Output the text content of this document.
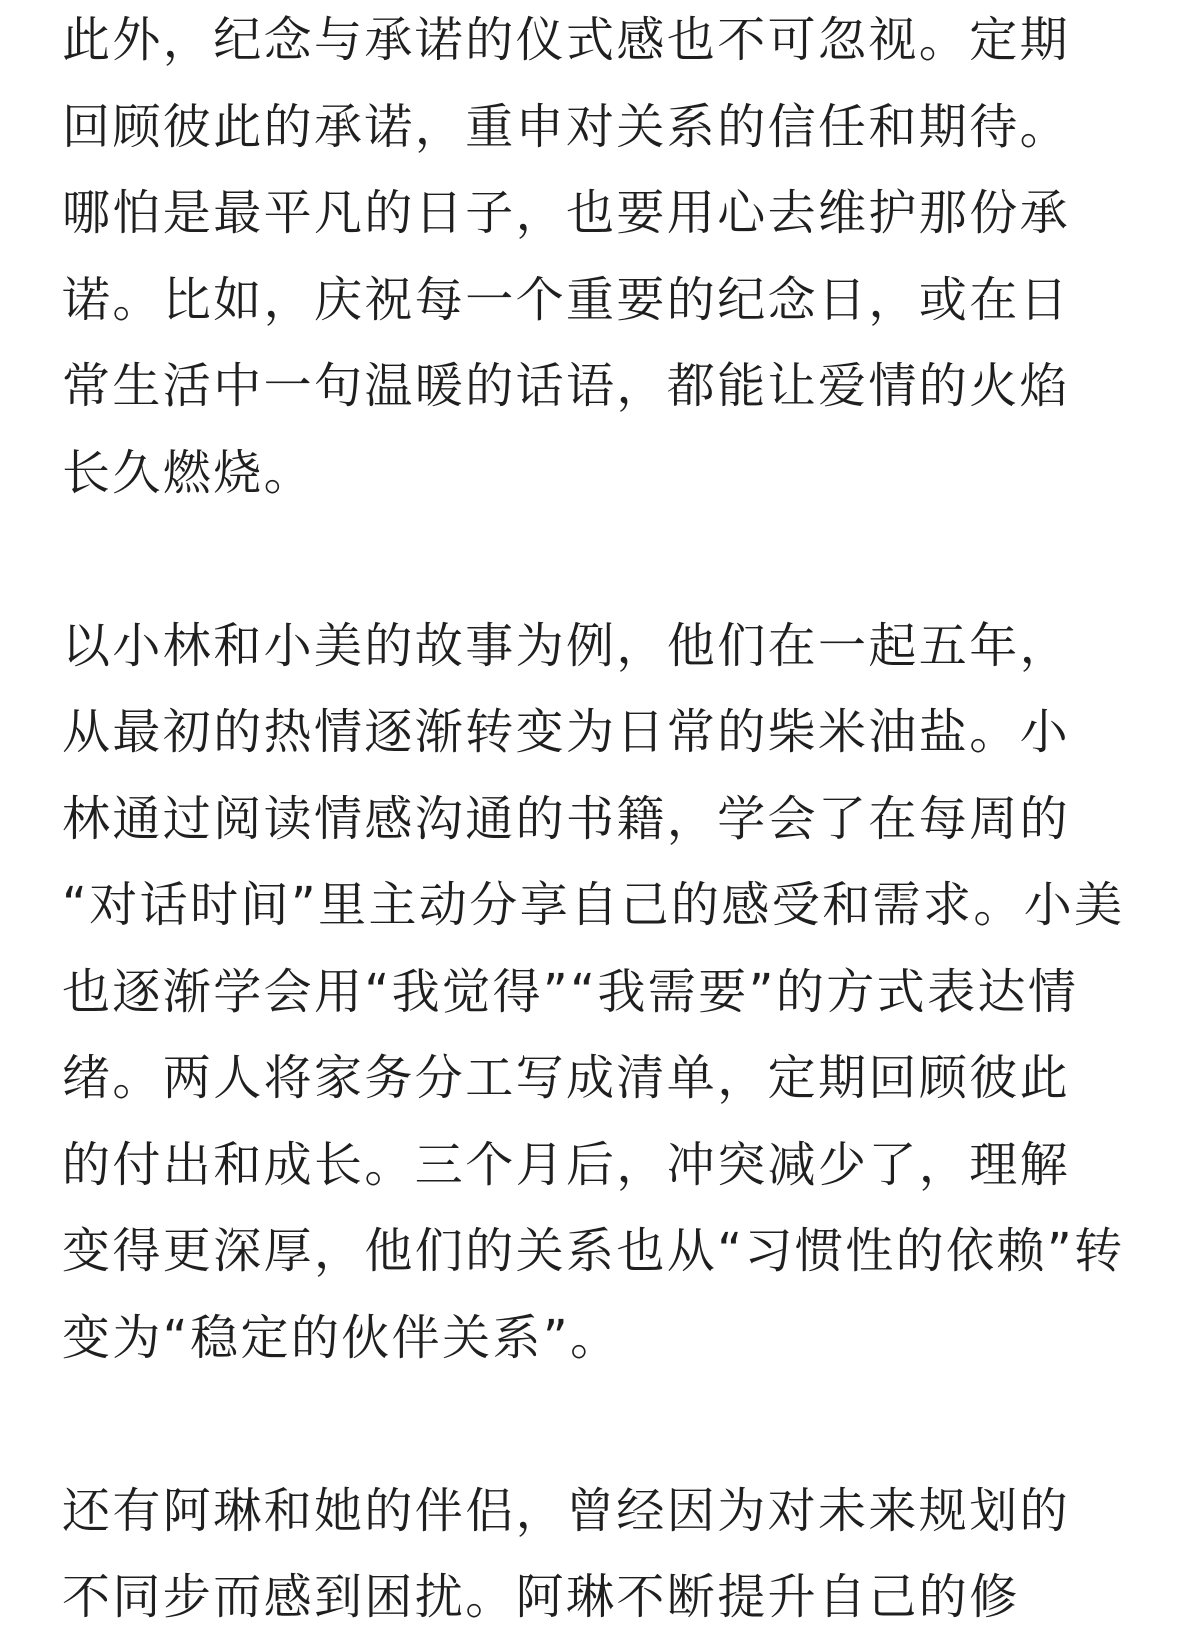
此外，纪念与承诺的仪式感也不可忽视。定期
回顾彼此的承诺，重申对关系的信任和期待。
哪怕是最平凡的日子，也要用心去维护那份承
诺。比如，庆祝每一个重要的纪念日，或在日
常生活中一句温暖的话语，都能让爱情的火焰
长久燃烧。
以小林和小美的故事为例，他们在一起五年，
从最初的热情逐渐转变为日常的柴米油盐。小
林通过阅读情感沟通的书籍，学会了在每周的
“对话时间”里主动分享自己的感受和需求。小美
也逐渐学会用“我觉得”“我需要”的方式表达情
绪。两人将家务分工写成清单，定期回顾彼此
的付出和成长。三个月后，冲突减少了，理解
变得更深厚，他们的关系也从“习惯性的依赖”转
变为“稳定的伙伴关系”。
还有阿琳和她的伴侣，曾经因为对未来规划的
不同步而感到困扰。阿琳不断提升自己的修
